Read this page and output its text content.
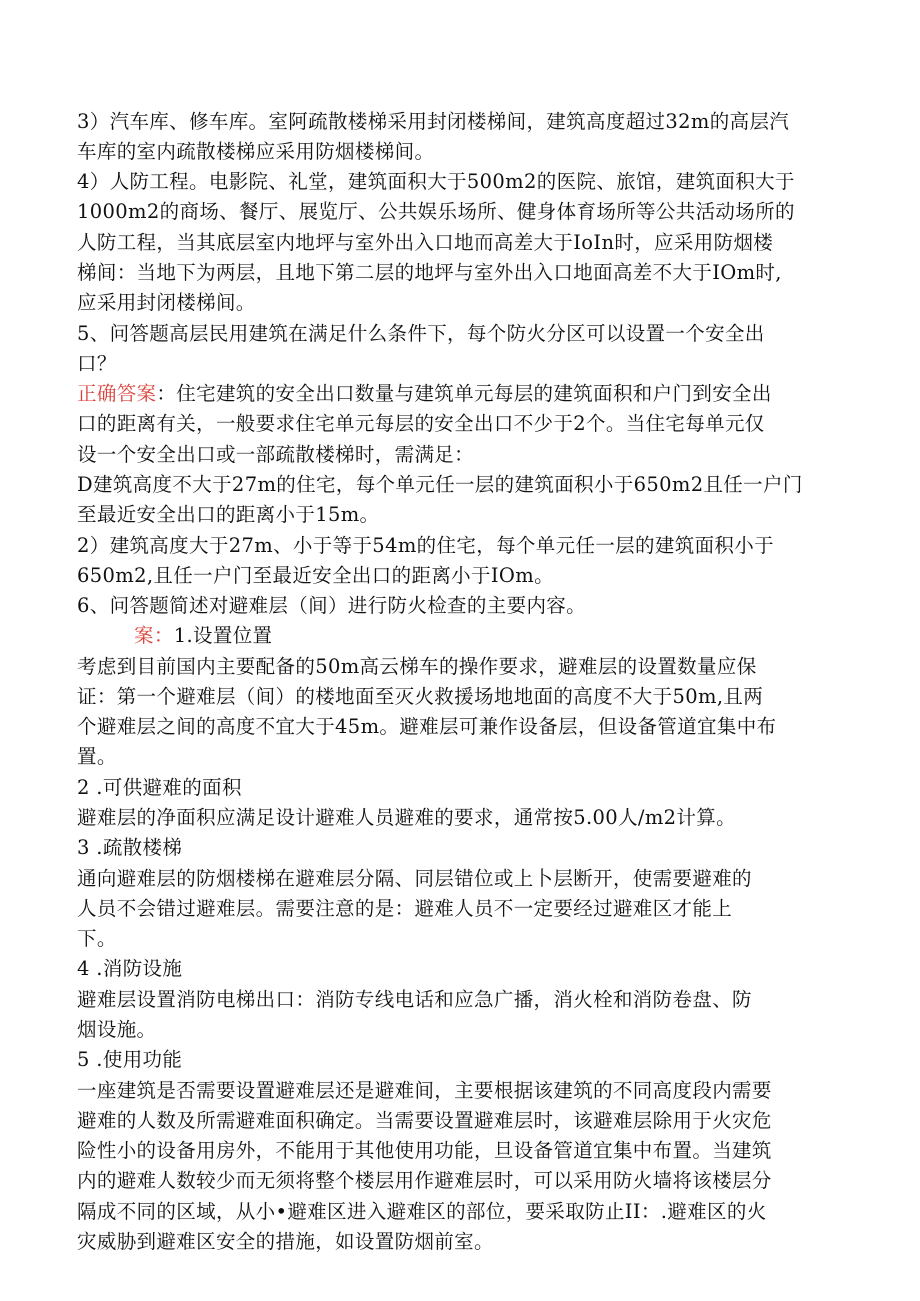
3）汽车库、修车库。室阿疏散楼梯采用封闭楼梯间，建筑高度超过32m的高层汽
车库的室内疏散楼梯应采用防烟楼梯间。
4）人防工程。电影院、礼堂，建筑面积大于500m2的医院、旅馆，建筑面积大于
1000m2的商场、餐厅、展览厅、公共娱乐场所、健身体育场所等公共活动场所的
人防工程，当其底层室内地坪与室外出入口地而高差大于IoIn时，应采用防烟楼
梯间：当地下为两层，且地下第二层的地坪与室外出入口地面高差不大于IOm时,
应采用封闭楼梯间。
5、问答题高层民用建筑在满足什么条件下，每个防火分区可以设置一个安全出
口？
正确答案：住宅建筑的安全出口数量与建筑单元每层的建筑面积和户门到安全出
口的距离有关，一般要求住宅单元每层的安全出口不少于2个。当住宅每单元仅
设一个安全出口或一部疏散楼梯时，需满足：
D建筑高度不大于27m的住宅，每个单元任一层的建筑面积小于650m2且任一户门
至最近安全出口的距离小于15m。
2）建筑高度大于27m、小于等于54m的住宅，每个单元任一层的建筑面积小于
650m2,且任一户门至最近安全出口的距离小于IOm。
6、问答题简述对避难层（间）进行防火检查的主要内容。
案：1.设置位置
考虑到目前国内主要配备的50m高云梯车的操作要求，避难层的设置数量应保
证：第一个避难层（间）的楼地面至灭火救援场地地面的高度不大于50m,且两
个避难层之间的高度不宜大于45m。避难层可兼作设备层，但设备管道宜集中布
置。
2 .可供避难的面积
避难层的净面积应满足设计避难人员避难的要求，通常按5.00人/m2计算。
3 .疏散楼梯
通向避难层的防烟楼梯在避难层分隔、同层错位或上卜层断开，使需要避难的
人员不会错过避难层。需要注意的是：避难人员不一定要经过避难区才能上
下。
4 .消防设施
避难层设置消防电梯出口：消防专线电话和应急广播，消火栓和消防卷盘、防
烟设施。
5 .使用功能
一座建筑是否需要设置避难层还是避难间，主要根据该建筑的不同高度段内需要
避难的人数及所需避难面积确定。当需要设置避难层时，该避难层除用于火灾危
险性小的设备用房外，不能用于其他使用功能，旦设备管道宜集中布置。当建筑
内的避难人数较少而无须将整个楼层用作避难层时，可以采用防火墙将该楼层分
隔成不同的区域，从小•避难区进入避难区的部位，要采取防止II：.避难区的火
灾威胁到避难区安全的措施，如设置防烟前室。
